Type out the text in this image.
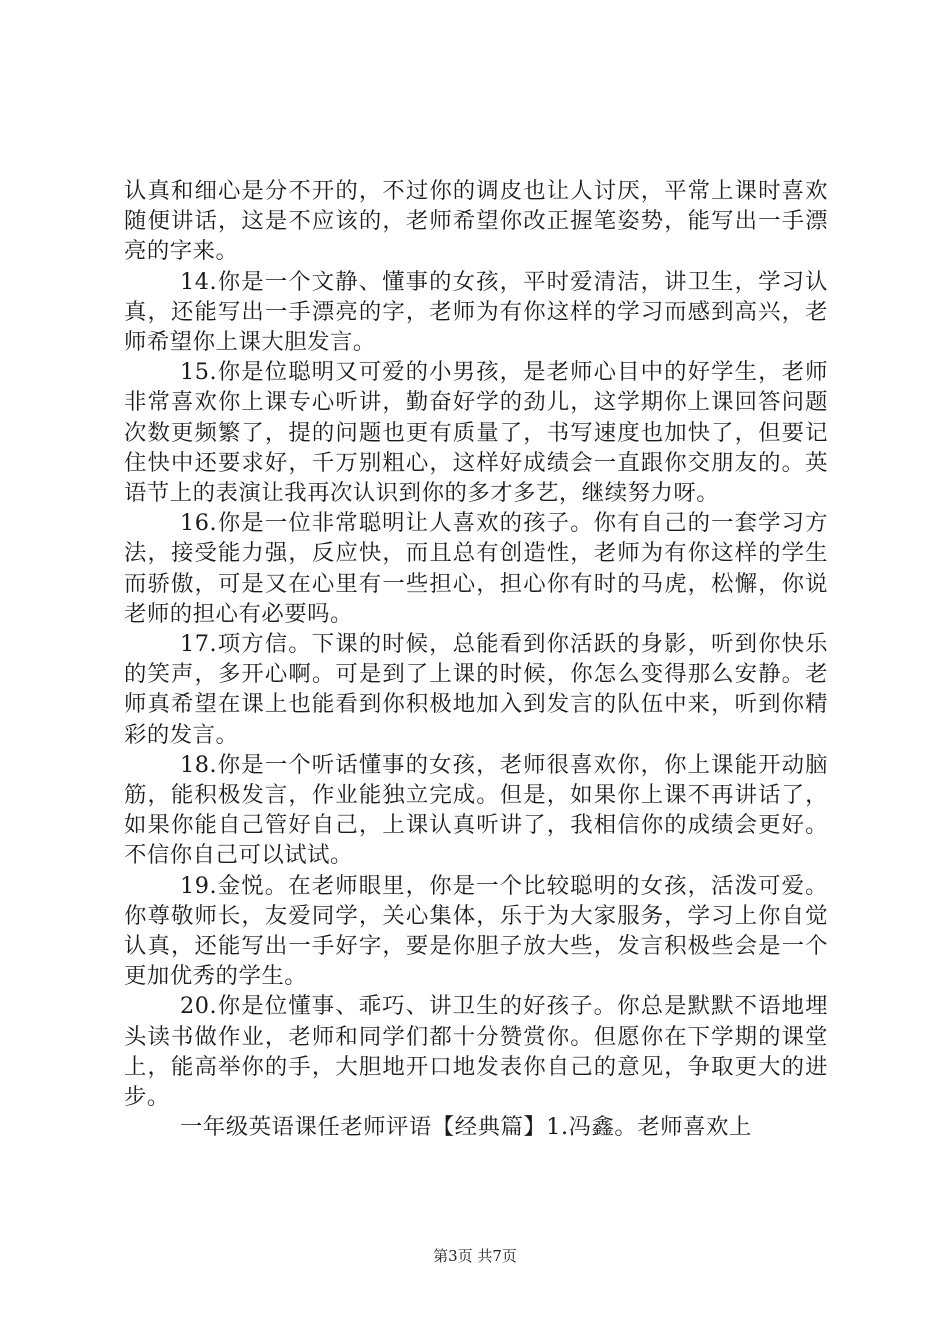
认真和细心是分不开的，不过你的调皮也让人讨厌，平常上课时喜欢随便讲话，这是不应该的，老师希望你改正握笔姿势，能写出一手漂亮的字来。

14.你是一个文静、懂事的女孩，平时爱清洁，讲卫生，学习认真，还能写出一手漂亮的字，老师为有你这样的学习而感到高兴，老师希望你上课大胆发言。

15.你是位聪明又可爱的小男孩，是老师心目中的好学生，老师非常喜欢你上课专心听讲，勤奋好学的劲儿，这学期你上课回答问题次数更频繁了，提的问题也更有质量了，书写速度也加快了，但要记住快中还要求好，千万别粗心，这样好成绩会一直跟你交朋友的。英语节上的表演让我再次认识到你的多才多艺，继续努力呀。

16.你是一位非常聪明让人喜欢的孩子。你有自己的一套学习方法，接受能力强，反应快，而且总有创造性，老师为有你这样的学生而骄傲，可是又在心里有一些担心，担心你有时的马虎，松懈，你说老师的担心有必要吗。

17.项方信。下课的时候，总能看到你活跃的身影，听到你快乐的笑声，多开心啊。可是到了上课的时候，你怎么变得那么安静。老师真希望在课上也能看到你积极地加入到发言的队伍中来，听到你精彩的发言。

18.你是一个听话懂事的女孩，老师很喜欢你，你上课能开动脑筋，能积极发言，作业能独立完成。但是，如果你上课不再讲话了，如果你能自己管好自己，上课认真听讲了，我相信你的成绩会更好。不信你自己可以试试。

19.金悦。在老师眼里，你是一个比较聪明的女孩，活泼可爱。你尊敬师长，友爱同学，关心集体，乐于为大家服务，学习上你自觉认真，还能写出一手好字，要是你胆子放大些，发言积极些会是一个更加优秀的学生。

20.你是位懂事、乖巧、讲卫生的好孩子。你总是默默不语地埋头读书做作业，老师和同学们都十分赞赏你。但愿你在下学期的课堂上，能高举你的手，大胆地开口地发表你自己的意见，争取更大的进步。

一年级英语课任老师评语【经典篇】1.冯鑫。老师喜欢上

第3页 共7页
